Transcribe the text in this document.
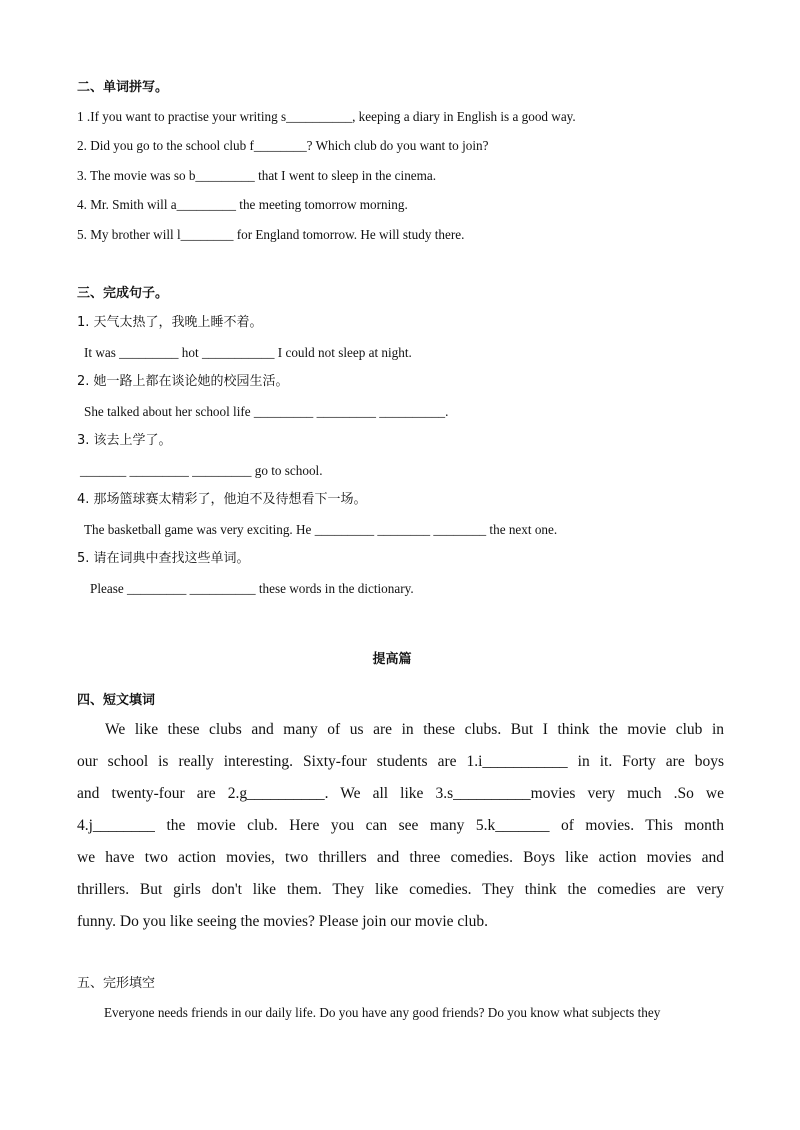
二、单词拼写。
1 .If you want to practise your writing s__________, keeping a diary in English is a good way.
2. Did you go to the school club f________? Which club do you want to join?
3. The movie was so b_________ that I went to sleep in the cinema.
4. Mr. Smith will a_________ the meeting tomorrow morning.
5. My brother will l________ for England tomorrow. He will study there.
三、完成句子。
1. 天气太热了，我晚上睡不着。
It was _________ hot ___________ I could not sleep at night.
2. 她一路上都在谈论她的校园生活。
She talked about her school life _________ _________ __________.
3. 该去上学了。
_______ _________ _________ go to school.
4. 那场篮球赛太精彩了，他迫不及待想看下一场。
The basketball game was very exciting. He _________ ________ ________ the next one.
5. 请在词典中查找这些单词。
Please _________ __________ these words in the dictionary.
提高篇
四、短文填词
We like these clubs and many of us are in these clubs. But I think the movie club in
our school is really interesting. Sixty-four students are 1.i___________ in it. Forty are boys
and twenty-four are 2.g__________. We all like 3.s__________movies very much .So we
4.j________ the movie club. Here you can see many 5.k_______ of movies. This month
we have two action movies, two thrillers and three comedies. Boys like action movies and
thrillers. But girls don't like them. They like comedies. They think the comedies are very
funny. Do you like seeing the movies? Please join our movie club.
五、完形填空
Everyone needs friends in our daily life. Do you have any good friends? Do you know what subjects they
